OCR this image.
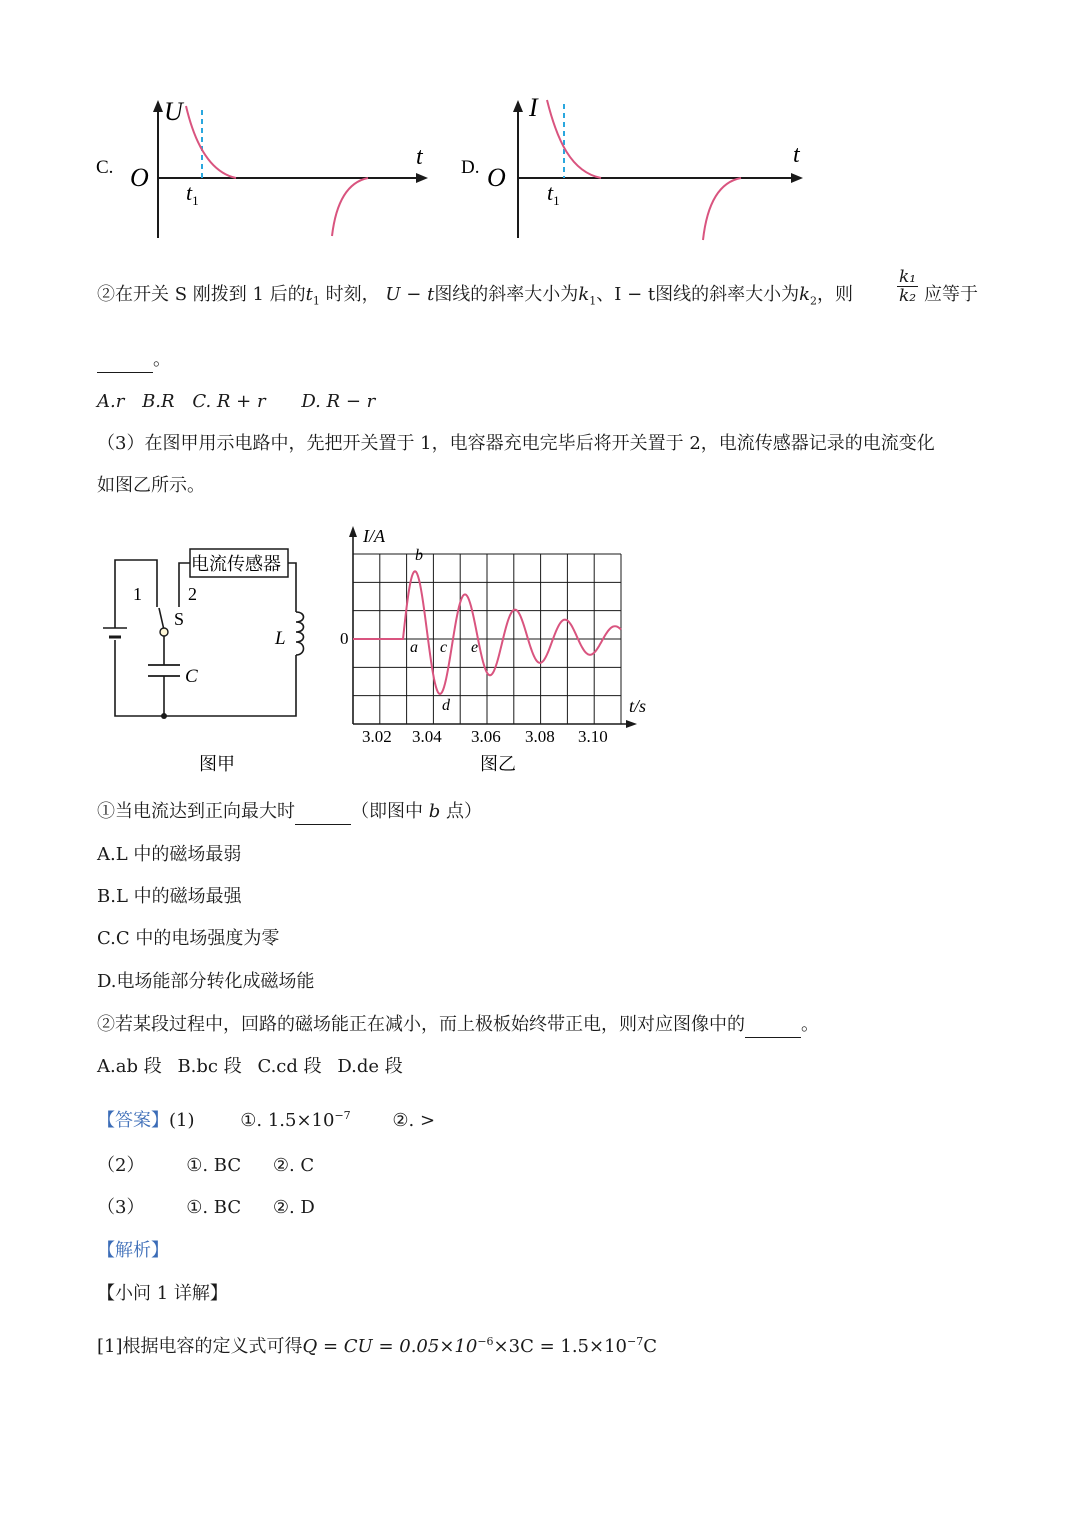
C. O
U
t
$t_1$
D. O
I
t
$t_1$
②在开关 S 刚拨到 1 后的$t_1$ 时刻， U − t图线的斜率大小为$k_1$、I − t图线的斜率大小为$k_2$，则	$\frac{\text{k₁}}{\text{k₂}}$ 应等于
。
A.r B.R C. R + r D. R − r
（3）在图甲用示电路中，先把开关置于 1，电容器充电完毕后将开关置于 2，电流传感器记录的电流变化
如图乙所示。
电流传感器
1	2
S
C
L
图甲
I/A
t/s
0
3.02 3.04 3.06 3.08 3.10
a
b
c
d
e
图乙
①当电流达到正向最大时	（即图中 b 点）
A.L 中的磁场最弱
B.L 中的磁场最强
C.C 中的电场强度为零
D.电场能部分转化成磁场能
②若某段过程中，回路的磁场能正在减小，而上极板始终带正电，则对应图像中的	。
A.ab 段 B.bc 段 C.cd 段 D.de 段
【答案】(1)	①. $1.5\times 10^{-7}$ ②. >
（2） ①. BC ②. C
（3） ①. BC ②. D
【解析】
【小问 1 详解】
[1]根据电容的定义式可得Q = CU = $0.05\times 10^{-6}\times 3C = 1.5\times 10^{-7}C$
